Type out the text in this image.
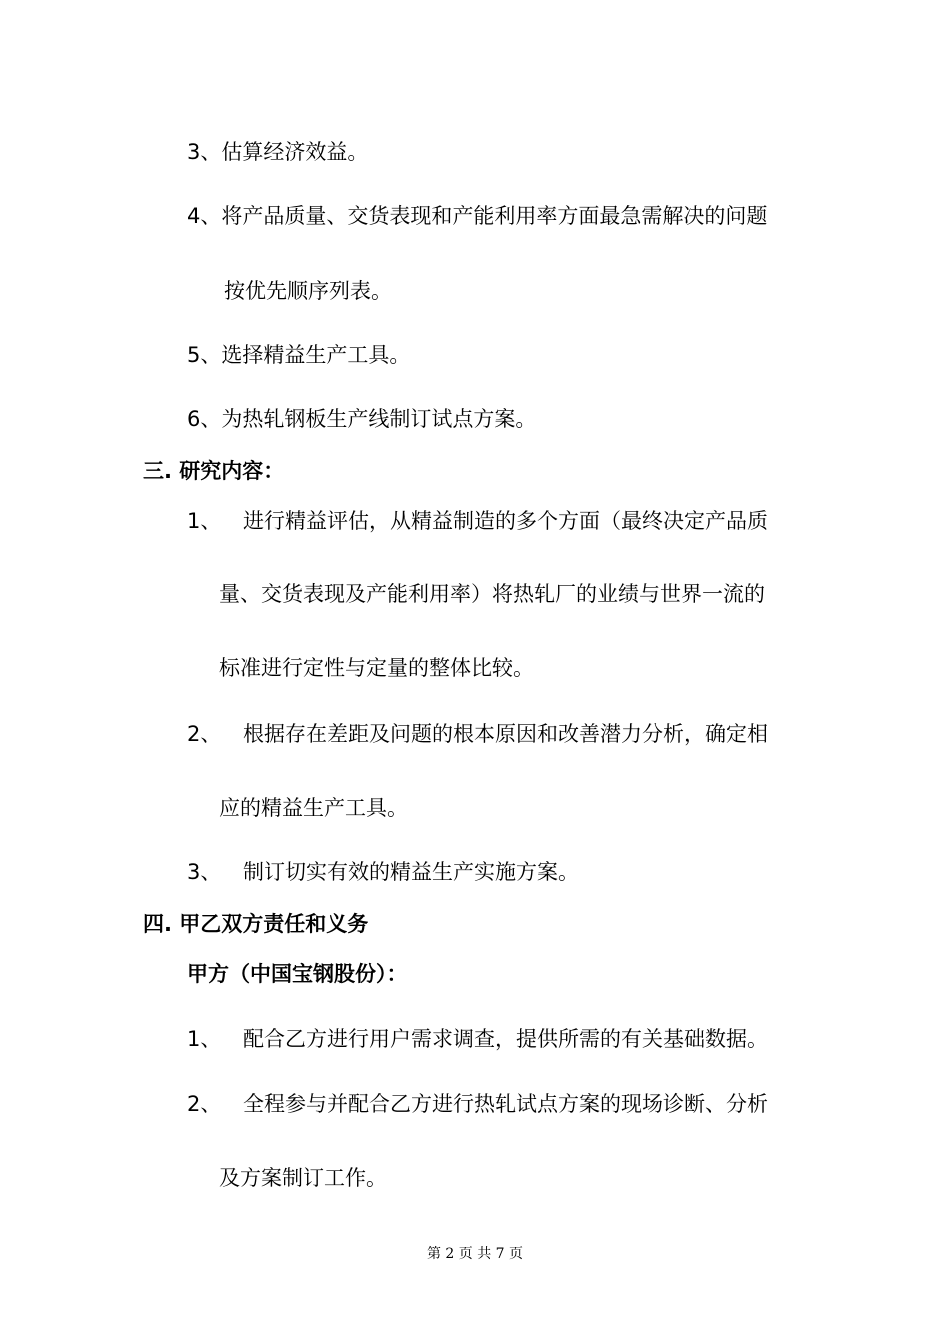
3、估算经济效益。
4、将产品质量、交货表现和产能利用率方面最急需解决的问题
按优先顺序列表。
5、选择精益生产工具。
6、为热轧钢板生产线制订试点方案。
三. 研究内容：
1、 进行精益评估，从精益制造的多个方面（最终决定产品质
量、交货表现及产能利用率）将热轧厂的业绩与世界一流的
标准进行定性与定量的整体比较。
2、 根据存在差距及问题的根本原因和改善潜力分析，确定相
应的精益生产工具。
3、 制订切实有效的精益生产实施方案。
四. 甲乙双方责任和义务
甲方（中国宝钢股份）：
1、 配合乙方进行用户需求调查，提供所需的有关基础数据。
2、 全程参与并配合乙方进行热轧试点方案的现场诊断、分析
及方案制订工作。
第 2 页 共 7 页
